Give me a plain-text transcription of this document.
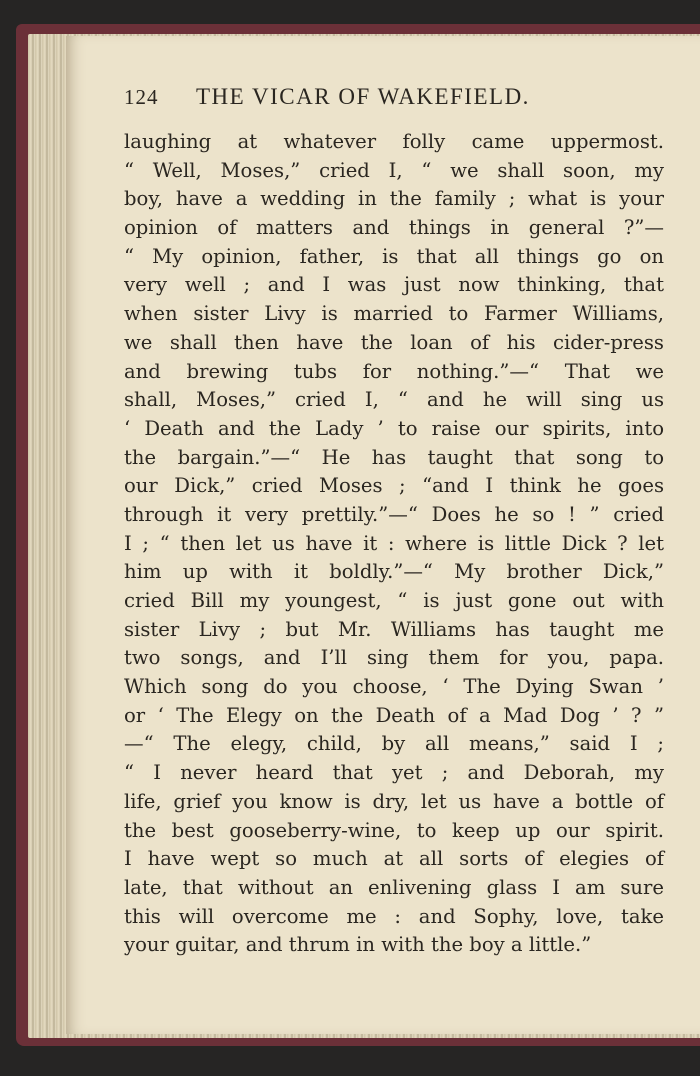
124	THE VICAR OF WAKEFIELD.
laughing at whatever folly came uppermost.
“ Well, Moses,” cried I, “ we shall soon, my
boy, have a wedding in the family ; what is your
opinion of matters and things in general ?”—
“ My opinion, father, is that all things go on
very well ; and I was just now thinking, that
when sister Livy is married to Farmer Williams,
we shall then have the loan of his cider-press
and brewing tubs for nothing.”—“ That we
shall, Moses,” cried I, “ and he will sing us
‘ Death and the Lady ’ to raise our spirits, into
the bargain.”—“ He has taught that song to
our Dick,” cried Moses ; “and I think he goes
through it very prettily.”—“ Does he so ! ” cried
I ; “ then let us have it : where is little Dick ? let
him up with it boldly.”—“ My brother Dick,”
cried Bill my youngest, “ is just gone out with
sister Livy ; but Mr. Williams has taught me
two songs, and I’ll sing them for you, papa.
Which song do you choose, ‘ The Dying Swan ’
or ‘ The Elegy on the Death of a Mad Dog ’ ? ”
—“ The elegy, child, by all means,” said I ;
“ I never heard that yet ; and Deborah, my
life, grief you know is dry, let us have a bottle of
the best gooseberry-wine, to keep up our spirit.
I have wept so much at all sorts of elegies of
late, that without an enlivening glass I am sure
this will overcome me : and Sophy, love, take
your guitar, and thrum in with the boy a little.”
